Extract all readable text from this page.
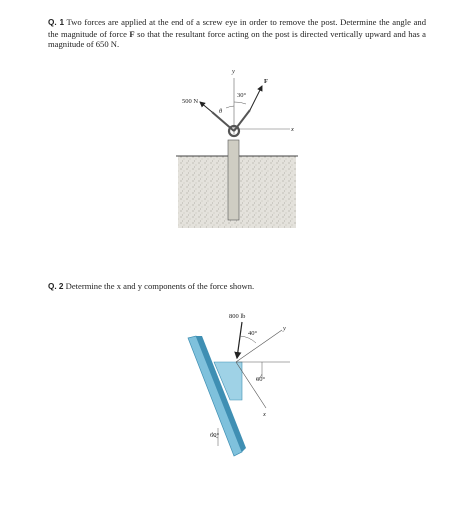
Q. 1 Two forces are applied at the end of a screw eye in order to remove the post. Determine the angle and the magnitude of force F so that the resultant force acting on the post is directed vertically upward and has a magnitude of 650 N.
y
x
500 N
F
30°
θ
Q. 2 Determine the x and y components of the force shown.
y
x
800 lb
40°
60°
60°
